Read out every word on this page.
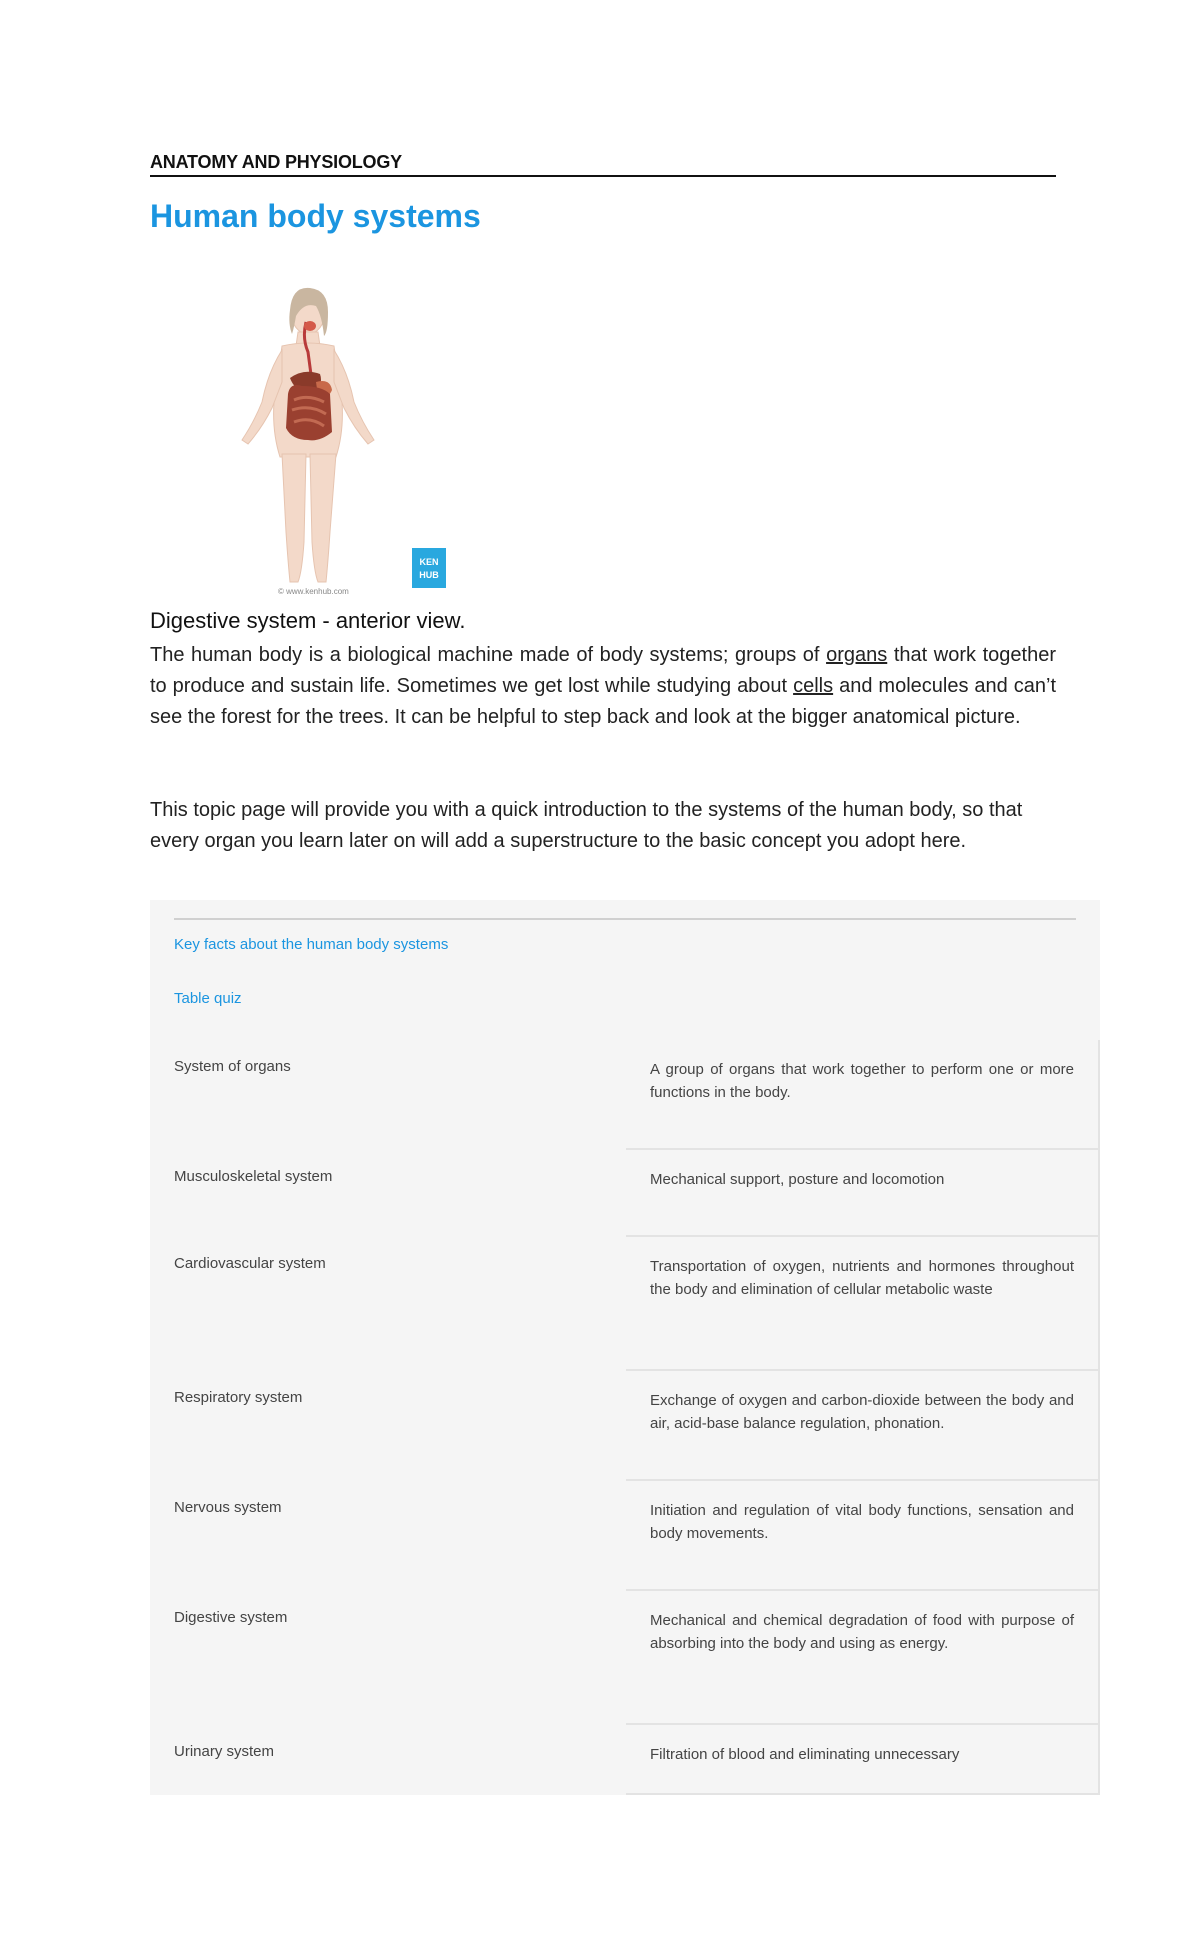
ANATOMY AND PHYSIOLOGY
Human body systems
© www.kenhub.com
KEN
HUB

Digestive system - anterior view.

The human body is a biological machine made of body systems; groups of organs that work together to produce and sustain life. Sometimes we get lost while studying about cells and molecules and can’t see the forest for the trees. It can be helpful to step back and look at the bigger anatomical picture.

This topic page will provide you with a quick introduction to the systems of the human body, so that every organ you learn later on will add a superstructure to the basic concept you adopt here.

Key facts about the human body systems
Table quiz
System of organs	A group of organs that work together to perform one or more functions in the body.
Musculoskeletal system	Mechanical support, posture and locomotion
Cardiovascular system	Transportation of oxygen, nutrients and hormones throughout the body and elimination of cellular metabolic waste
Respiratory system	Exchange of oxygen and carbon-dioxide between the body and air, acid-base balance regulation, phonation.
Nervous system	Initiation and regulation of vital body functions, sensation and body movements.
Digestive system	Mechanical and chemical degradation of food with purpose of absorbing into the body and using as energy.
Urinary system	Filtration of blood and eliminating unnecessary
